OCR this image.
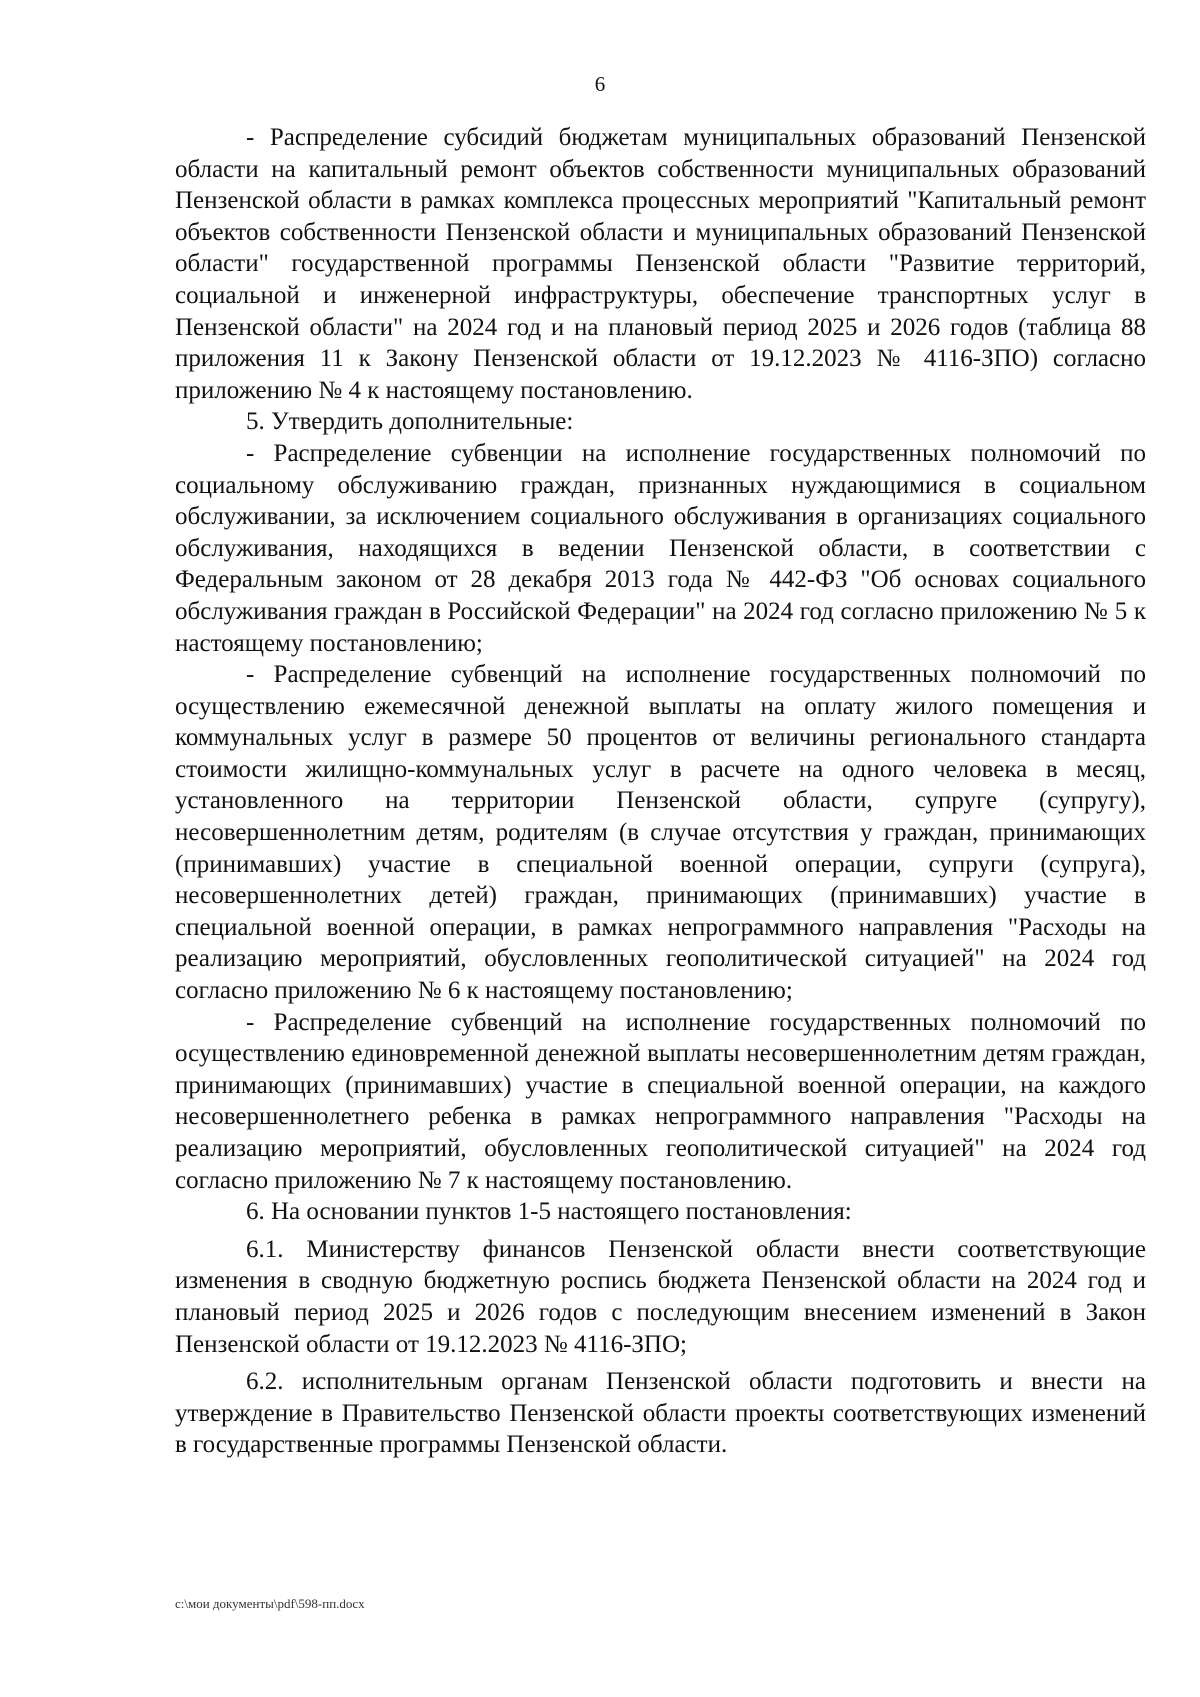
6

- Распределение субсидий бюджетам муниципальных образований Пензенской области на капитальный ремонт объектов собственности муниципальных образований Пензенской области в рамках комплекса процессных мероприятий "Капитальный ремонт объектов собственности Пензенской области и муниципальных образований Пензенской области" государственной программы Пензенской области "Развитие территорий, социальной и инженерной инфраструктуры, обеспечение транспортных услуг в Пензенской области" на 2024 год и на плановый период 2025 и 2026 годов (таблица 88 приложения 11 к Закону Пензенской области от 19.12.2023 № 4116-ЗПО) согласно приложению № 4 к настоящему постановлению.

5. Утвердить дополнительные:

- Распределение субвенции на исполнение государственных полномочий по социальному обслуживанию граждан, признанных нуждающимися в социальном обслуживании, за исключением социального обслуживания в организациях социального обслуживания, находящихся в ведении Пензенской области, в соответствии с Федеральным законом от 28 декабря 2013 года № 442-ФЗ "Об основах социального обслуживания граждан в Российской Федерации" на 2024 год согласно приложению № 5 к настоящему постановлению;

- Распределение субвенций на исполнение государственных полномочий по осуществлению ежемесячной денежной выплаты на оплату жилого помещения и коммунальных услуг в размере 50 процентов от величины регионального стандарта стоимости жилищно-коммунальных услуг в расчете на одного человека в месяц, установленного на территории Пензенской области, супруге (супругу), несовершеннолетним детям, родителям (в случае отсутствия у граждан, принимающих (принимавших) участие в специальной военной операции, супруги (супруга), несовершеннолетних детей) граждан, принимающих (принимавших) участие в специальной военной операции, в рамках непрограммного направления "Расходы на реализацию мероприятий, обусловленных геополитической ситуацией" на 2024 год согласно приложению № 6 к настоящему постановлению;

- Распределение субвенций на исполнение государственных полномочий по осуществлению единовременной денежной выплаты несовершеннолетним детям граждан, принимающих (принимавших) участие в специальной военной операции, на каждого несовершеннолетнего ребенка в рамках непрограммного направления "Расходы на реализацию мероприятий, обусловленных геополитической ситуацией" на 2024 год согласно приложению № 7 к настоящему постановлению.

6. На основании пунктов 1-5 настоящего постановления:

6.1. Министерству финансов Пензенской области внести соответствующие изменения в сводную бюджетную роспись бюджета Пензенской области на 2024 год и плановый период 2025 и 2026 годов с последующим внесением изменений в Закон Пензенской области от 19.12.2023 № 4116-ЗПО;

6.2. исполнительным органам Пензенской области подготовить и внести на утверждение в Правительство Пензенской области проекты соответствующих изменений в государственные программы Пензенской области.

c:\мои документы\pdf\598-пп.docx
